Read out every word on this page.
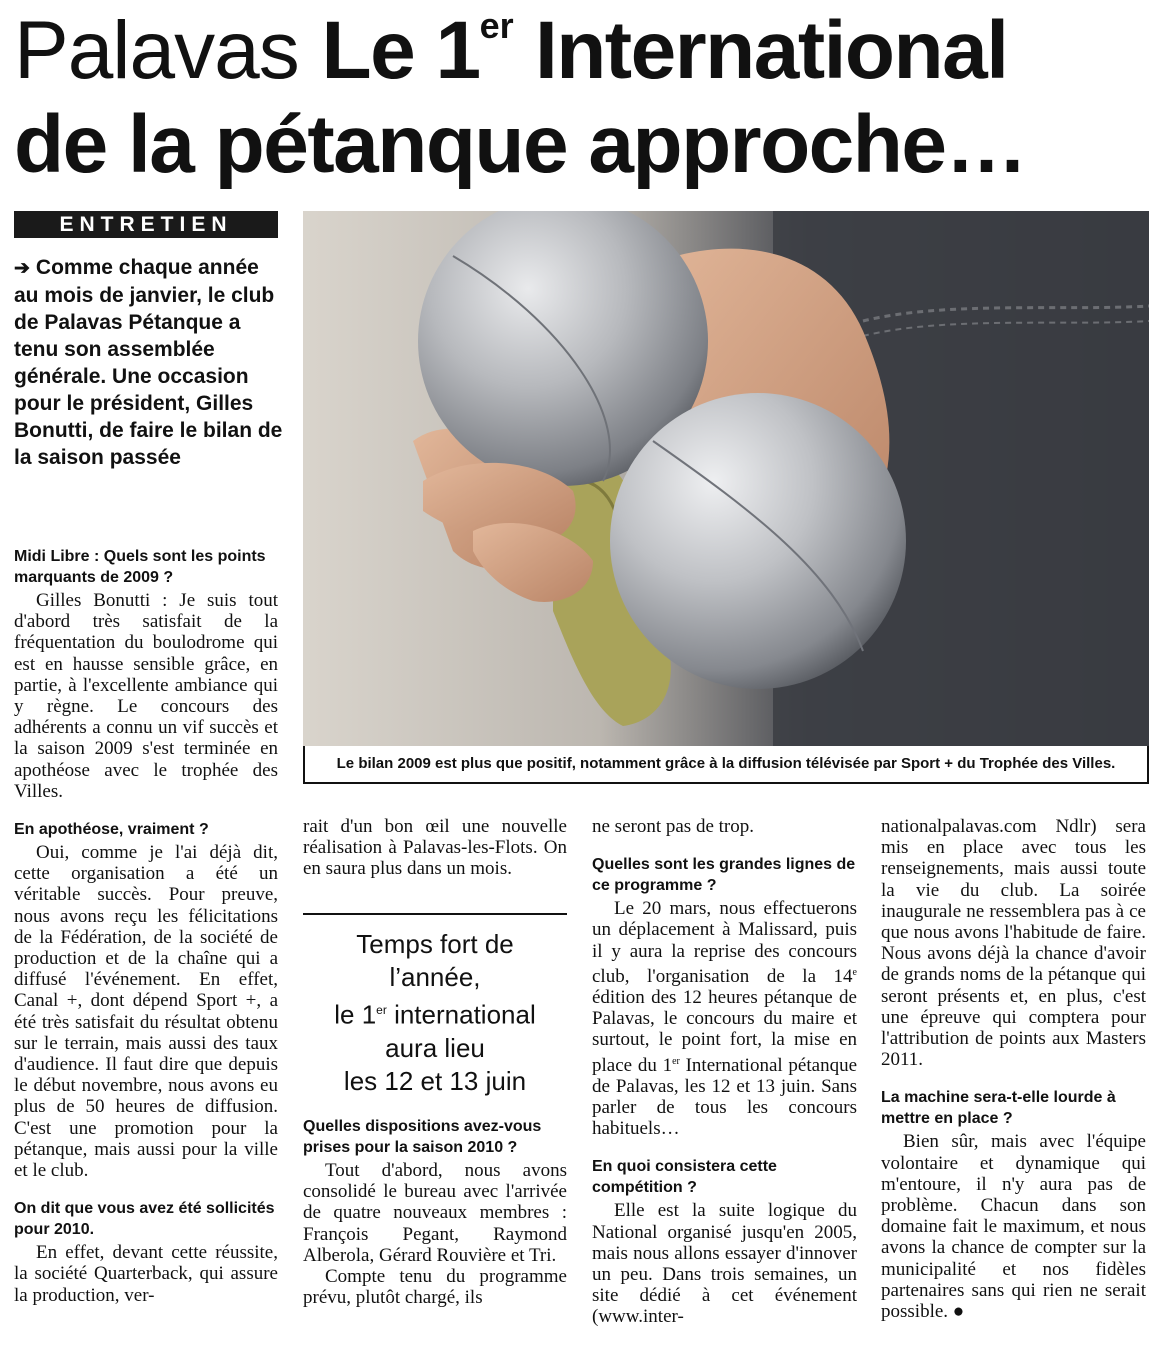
Palavas Le 1er International
de la pétanque approche…
ENTRETIEN
➔ Comme chaque année au mois de janvier, le club de Palavas Pétanque a tenu son assemblée générale. Une occasion pour le président, Gilles Bonutti, de faire le bilan de la saison passée
Le bilan 2009 est plus que positif, notamment grâce à la diffusion télévisée par Sport + du Trophée des Villes.

Midi Libre : Quels sont les points marquants de 2009 ?

Gilles Bonutti : Je suis tout d'abord très satisfait de la fréquentation du boulodrome qui est en hausse sensible grâce, en partie, à l'excellente ambiance qui y règne. Le concours des adhérents a connu un vif succès et la saison 2009 s'est terminée en apothéose avec le trophée des Villes.

En apothéose, vraiment ?

Oui, comme je l'ai déjà dit, cette organisation a été un véritable succès. Pour preuve, nous avons reçu les félicitations de la Fédération, de la société de production et de la chaîne qui a diffusé l'événement. En effet, Canal +, dont dépend Sport +, a été très satisfait du résultat obtenu sur le terrain, mais aussi des taux d'audience. Il faut dire que depuis le début novembre, nous avons eu plus de 50 heures de diffusion. C'est une promotion pour la pétanque, mais aussi pour la ville et le club.

On dit que vous avez été sollicités pour 2010.

En effet, devant cette réussite, la société Quarterback, qui assure la production, ver-

rait d'un bon œil une nouvelle réalisation à Palavas-les-Flots. On en saura plus dans un mois.

Temps fort de
l’année,
le 1er international
aura lieu
les 12 et 13 juin

Quelles dispositions avez-vous prises pour la saison 2010 ?

Tout d'abord, nous avons consolidé le bureau avec l'arrivée de quatre nouveaux membres : François Pegant, Raymond Alberola, Gérard Rouvière et Tri.

Compte tenu du programme prévu, plutôt chargé, ils

ne seront pas de trop.

Quelles sont les grandes lignes de ce programme ?

Le 20 mars, nous effectuerons un déplacement à Malissard, puis il y aura la reprise des concours club, l'organisation de la 14e édition des 12 heures pétanque de Palavas, le concours du maire et surtout, le point fort, la mise en place du 1er International pétanque de Palavas, les 12 et 13 juin. Sans parler de tous les concours habituels…

En quoi consistera cette compétition ?

Elle est la suite logique du National organisé jusqu'en 2005, mais nous allons essayer d'innover un peu. Dans trois semaines, un site dédié à cet événement (www.inter-

nationalpalavas.com Ndlr) sera mis en place avec tous les renseignements, mais aussi toute la vie du club. La soirée inaugurale ne ressemblera pas à ce que nous avons l'habitude de faire. Nous avons déjà la chance d'avoir de grands noms de la pétanque qui seront présents et, en plus, c'est une épreuve qui comptera pour l'attribution de points aux Masters 2011.

La machine sera-t-elle lourde à mettre en place ?

Bien sûr, mais avec l'équipe volontaire et dynamique qui m'entoure, il n'y aura pas de problème. Chacun dans son domaine fait le maximum, et nous avons la chance de compter sur la municipalité et nos fidèles partenaires sans qui rien ne serait possible. ●
